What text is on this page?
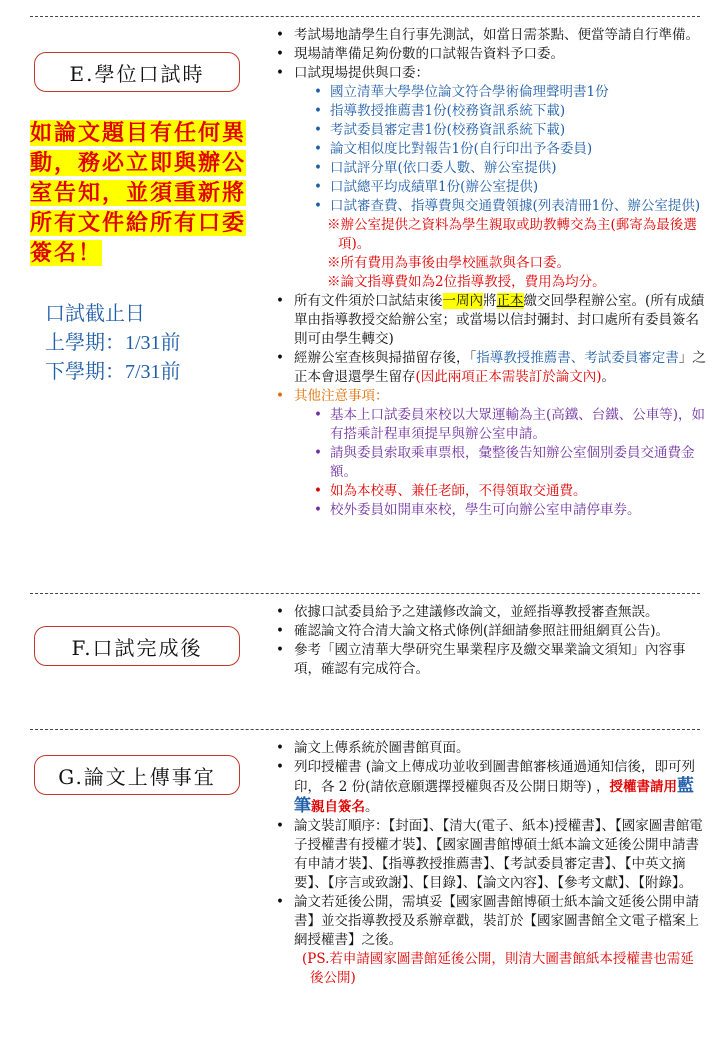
E.學位口試時
F.口試完成後
G.論文上傳事宜
如論文題目有任何異
動，務必立即與辦公
室告知，並須重新將
所有文件給所有口委
簽名！
口試截止日
上學期：1/31前
下學期：7/31前
• 考試場地請學生自行事先測試，如當日需茶點、便當等請自行準備。
• 現場請準備足夠份數的口試報告資料予口委。
• 口試現場提供與口委：
• 國立清華大學學位論文符合學術倫理聲明書1份
• 指導教授推薦書1份(校務資訊系統下載)
• 考試委員審定書1份(校務資訊系統下載)
• 論文相似度比對報告1份(自行印出予各委員)
• 口試評分單(依口委人數、辦公室提供)
• 口試總平均成績單1份(辦公室提供)
• 口試審查費、指導費與交通費領據(列表清冊1份、辦公室提供)
※辦公室提供之資料為學生親取或助教轉交為主(郵寄為最後選項)。
※所有費用為事後由學校匯款與各口委。
※論文指導費如為2位指導教授，費用為均分。
• 所有文件須於口試結束後一周內將正本繳交回學程辦公室。(所有成績單由指導教授交給辦公室；或當場以信封彌封、封口處所有委員簽名則可由學生轉交)
• 經辦公室查核與掃描留存後，「指導教授推薦書、考試委員審定書」之正本會退還學生留存(因此兩項正本需裝訂於論文內)。
• 其他注意事項：
• 基本上口試委員來校以大眾運輸為主(高鐵、台鐵、公車等)，如有搭乘計程車須提早與辦公室申請。
• 請與委員索取乘車票根，彙整後告知辦公室個別委員交通費金額。
• 如為本校專、兼任老師，不得領取交通費。
• 校外委員如開車來校，學生可向辦公室申請停車券。
• 依據口試委員給予之建議修改論文，並經指導教授審查無誤。
• 確認論文符合清大論文格式條例(詳細請參照註冊組網頁公告)。
• 參考「國立清華大學研究生畢業程序及繳交畢業論文須知」內容事項，確認有完成符合。
• 論文上傳系統於圖書館頁面。
• 列印授權書 (論文上傳成功並收到圖書館審核通過通知信後，即可列印，各 2 份(請依意願選擇授權與否及公開日期等) ，授權書請用藍筆親自簽名。
• 論文裝訂順序：【封面】、【清大(電子、紙本)授權書】、【國家圖書館電子授權書有授權才裝】、【國家圖書館博碩士紙本論文延後公開申請書有申請才裝】、【指導教授推薦書】、【考試委員審定書】、【中英文摘要】、【序言或致謝】、【目錄】、【論文內容】、【參考文獻】、【附錄】。
• 論文若延後公開，需填妥【國家圖書館博碩士紙本論文延後公開申請書】並交指導教授及系辦章戳，裝訂於【國家圖書館全文電子檔案上網授權書】之後。
(PS.若申請國家圖書館延後公開，則清大圖書館紙本授權書也需延後公開)
